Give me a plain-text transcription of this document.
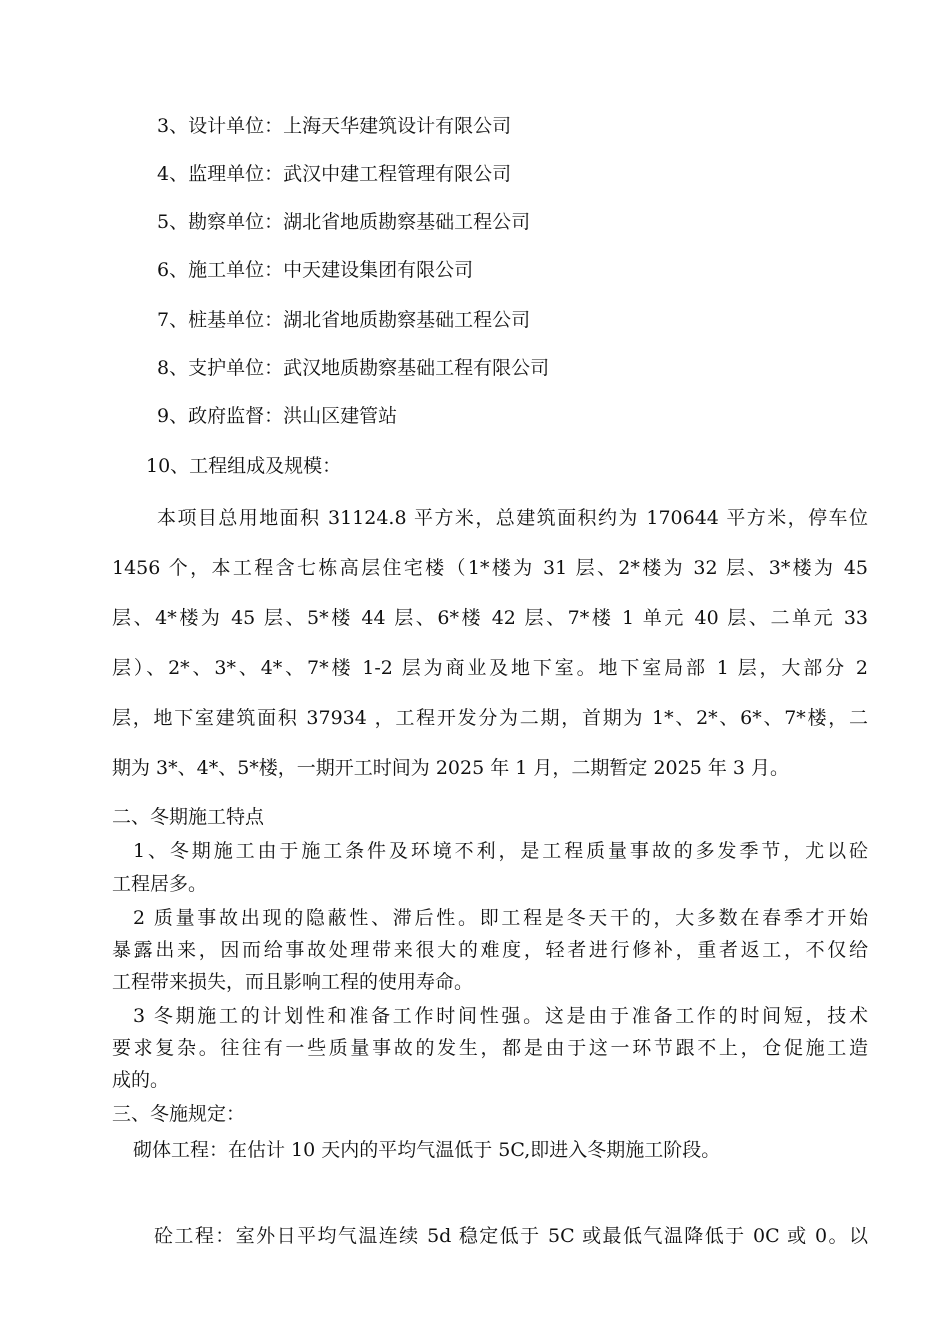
3、设计单位：上海天华建筑设计有限公司
4、监理单位：武汉中建工程管理有限公司
5、勘察单位：湖北省地质勘察基础工程公司
6、施工单位：中天建设集团有限公司
7、桩基单位：湖北省地质勘察基础工程公司
8、支护单位：武汉地质勘察基础工程有限公司
9、政府监督：洪山区建管站
10、工程组成及规模：
本项目总用地面积 31124.8 平方米，总建筑面积约为 170644 平方米，停车位
1456 个，本工程含七栋高层住宅楼（1*楼为 31 层、2*楼为 32 层、3*楼为 45
层、4*楼为 45 层、5*楼 44 层、6*楼 42 层、7*楼 1 单元 40 层、二单元 33
层）、2*、3*、4*、7*楼 1-2 层为商业及地下室。地下室局部 1 层，大部分 2
层，地下室建筑面积 37934 ，工程开发分为二期，首期为 1*、2*、6*、7*楼，二
期为 3*、4*、5*楼，一期开工时间为 2025 年 1 月，二期暂定 2025 年 3 月。
二、冬期施工特点
1、冬期施工由于施工条件及环境不利，是工程质量事故的多发季节，尤以砼
工程居多。
2 质量事故出现的隐蔽性、滞后性。即工程是冬天干的，大多数在春季才开始
暴露出来，因而给事故处理带来很大的难度，轻者进行修补，重者返工，不仅给
工程带来损失，而且影响工程的使用寿命。
3 冬期施工的计划性和准备工作时间性强。这是由于准备工作的时间短，技术
要求复杂。往往有一些质量事故的发生，都是由于这一环节跟不上，仓促施工造
成的。
三、冬施规定：
砌体工程：在估计 10 天内的平均气温低于 5C,即进入冬期施工阶段。
砼工程：室外日平均气温连续 5d 稳定低于 5C 或最低气温降低于 0C 或 0。以
